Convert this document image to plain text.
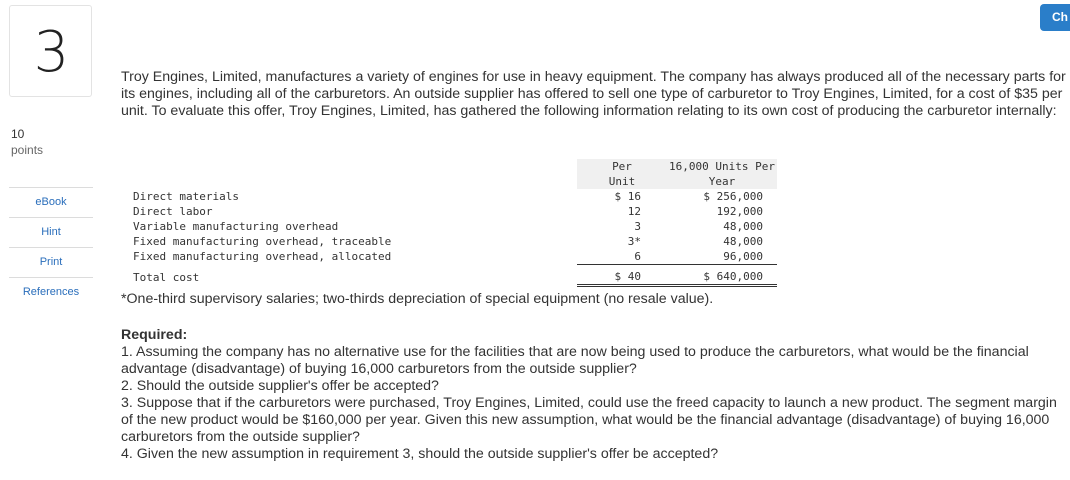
3
10
points
eBook
Hint
Print
References
Ch
Troy Engines, Limited, manufactures a variety of engines for use in heavy equipment. The company has always produced all of the necessary parts for its engines, including all of the carburetors. An outside supplier has offered to sell one type of carburetor to Troy Engines, Limited, for a cost of $35 per unit. To evaluate this offer, Troy Engines, Limited, has gathered the following information relating to its own cost of producing the carburetor internally:
	Per	16,000 Units Per
	Unit	Year
Direct materials	$ 16	$ 256,000
Direct labor	12	192,000
Variable manufacturing overhead	3	48,000
Fixed manufacturing overhead, traceable	3*	48,000
Fixed manufacturing overhead, allocated	6	96,000
Total cost	$ 40	$ 640,000
*One-third supervisory salaries; two-thirds depreciation of special equipment (no resale value).

Required:

1. Assuming the company has no alternative use for the facilities that are now being used to produce the carburetors, what would be the financial advantage (disadvantage) of buying 16,000 carburetors from the outside supplier?

2. Should the outside supplier's offer be accepted?

3. Suppose that if the carburetors were purchased, Troy Engines, Limited, could use the freed capacity to launch a new product. The segment margin of the new product would be $160,000 per year. Given this new assumption, what would be the financial advantage (disadvantage) of buying 16,000 carburetors from the outside supplier?

4. Given the new assumption in requirement 3, should the outside supplier's offer be accepted?
